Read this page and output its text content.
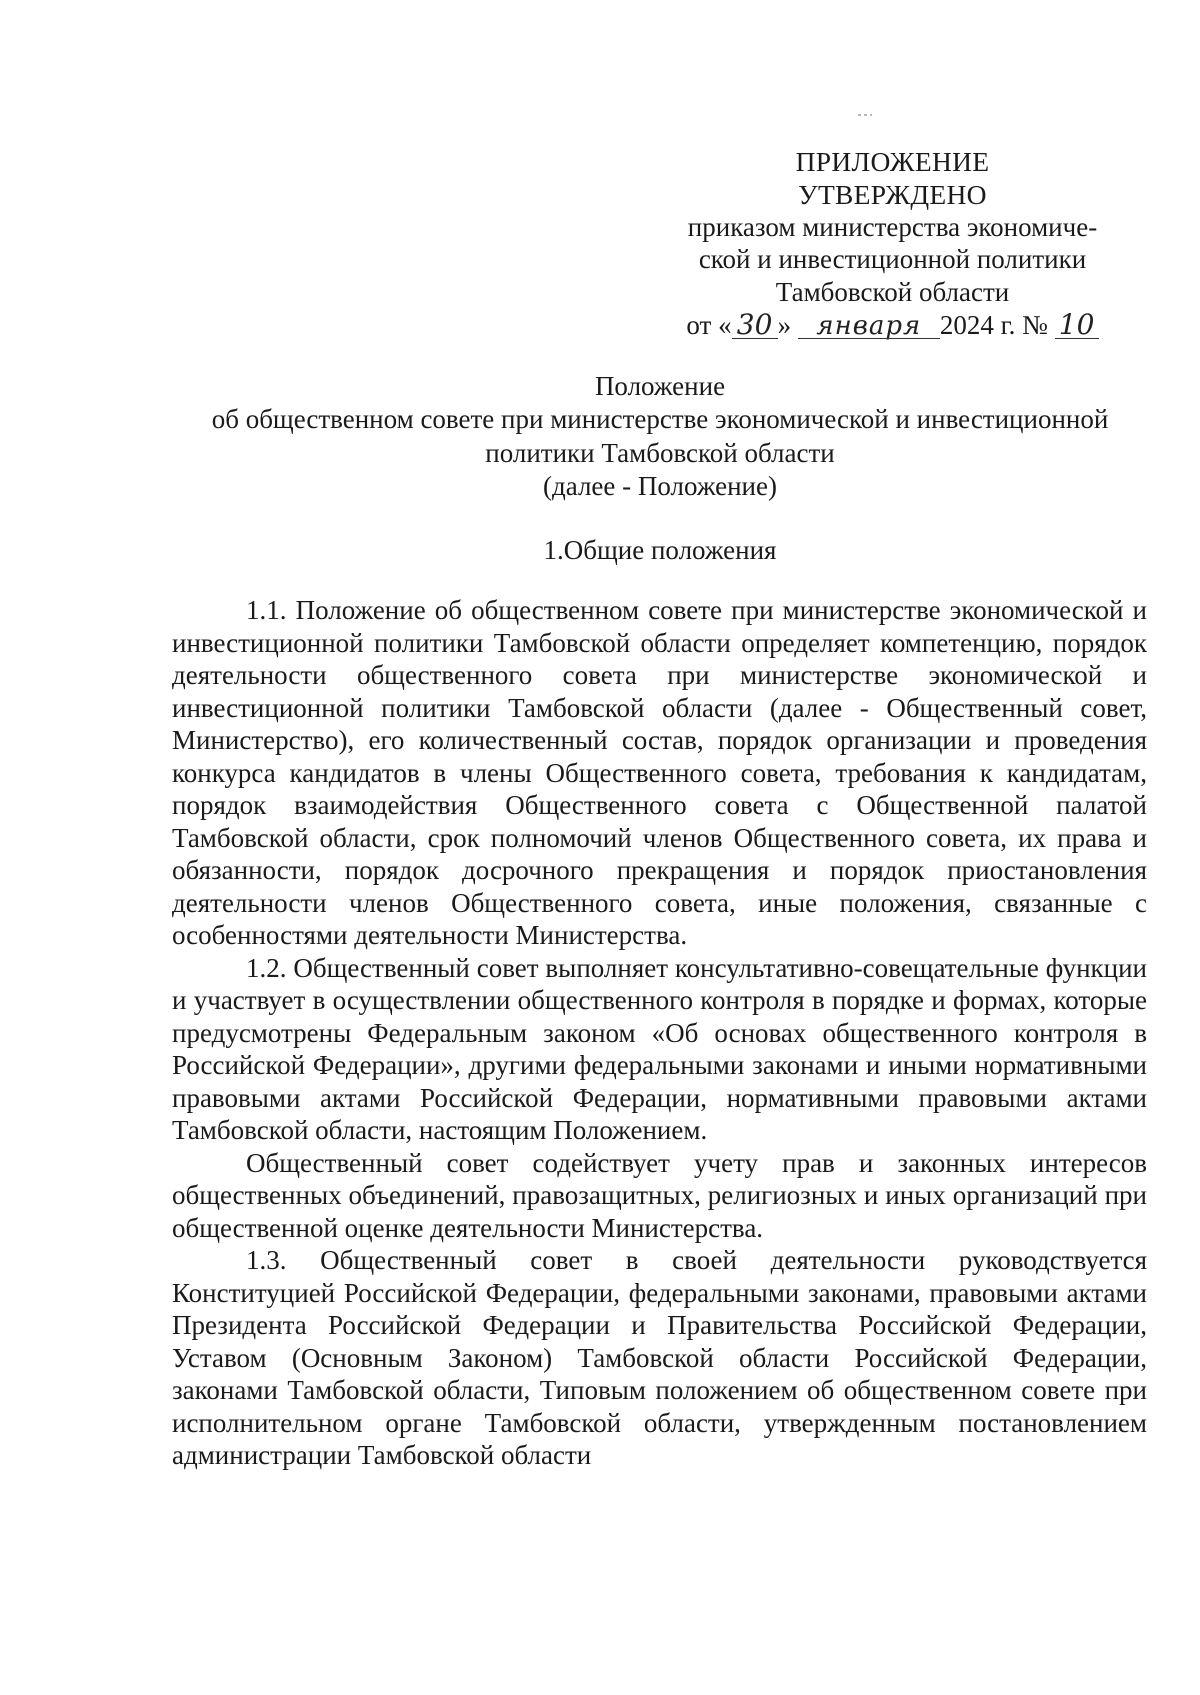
ПРИЛОЖЕНИЕ
УТВЕРЖДЕНО
приказом министерства экономиче-
ской и инвестиционной политики
Тамбовской области
от « 30 » января 2024 г. № 10
Положение
об общественном совете при министерстве экономической и инвестиционной
политики Тамбовской области
(далее - Положение)
1.Общие положения

1.1. Положение об общественном совете при министерстве экономической и инвестиционной политики Тамбовской области определяет компетенцию, порядок деятельности общественного совета при министерстве экономической и инвестиционной политики Тамбовской области (далее - Общественный совет, Министерство), его количественный состав, порядок организации и проведения конкурса кандидатов в члены Общественного совета, требования к кандидатам, порядок взаимодействия Общественного совета с Общественной палатой Тамбовской области, срок полномочий членов Общественного совета, их права и обязанности, порядок досрочного прекращения и порядок приостановления деятельности членов Общественного совета, иные положения, связанные с особенностями деятельности Министерства.

1.2. Общественный совет выполняет консультативно-совещательные функции и участвует в осуществлении общественного контроля в порядке и формах, которые предусмотрены Федеральным законом «Об основах общественного контроля в Российской Федерации», другими федеральными законами и иными нормативными правовыми актами Российской Федерации, нормативными правовыми актами Тамбовской области, настоящим Положением.

Общественный совет содействует учету прав и законных интересов общественных объединений, правозащитных, религиозных и иных организаций при общественной оценке деятельности Министерства.

1.3. Общественный совет в своей деятельности руководствуется Конституцией Российской Федерации, федеральными законами, правовыми актами Президента Российской Федерации и Правительства Российской Федерации, Уставом (Основным Законом) Тамбовской области Российской Федерации, законами Тамбовской области, Типовым положением об общественном совете при исполнительном органе Тамбовской области, утвержденным постановлением администрации Тамбовской области
